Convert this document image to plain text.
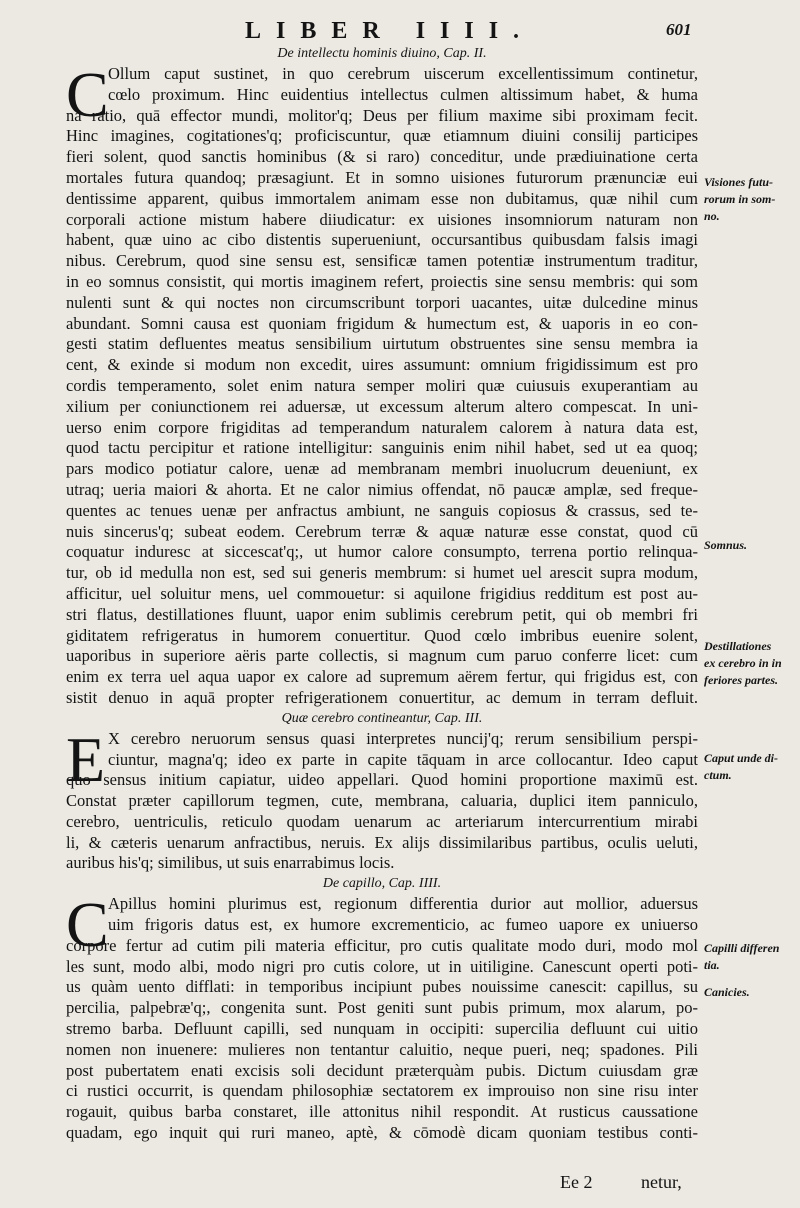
LIBER IIII.	601
De intellectu hominis diuino, Cap. II.
C Ollum caput sustinet, in quo cerebrum uiscerum excellentissimum continetur,
cœlo proximum. Hinc euidentius intellectus culmen altissimum habet, & huma
na ratio, quā effector mundi, molitor'q; Deus per filium maxime sibi proximam fecit.
Hinc imagines, cogitationes'q; proficiscuntur, quæ etiamnum diuini consilij participes
fieri solent, quod sanctis hominibus (& si raro) conceditur, unde prædiuinatione certa
mortales futura quandoq; præsagiunt. Et in somno uisiones futurorum prænunciæ eui
dentissime apparent, quibus immortalem animam esse non dubitamus, quæ nihil cum
corporali actione mistum habere diiudicatur: ex uisiones insomniorum naturam non
habent, quæ uino ac cibo distentis superueniunt, occursantibus quibusdam falsis imagi
nibus. Cerebrum, quod sine sensu est, sensificæ tamen potentiæ instrumentum traditur,
in eo somnus consistit, qui mortis imaginem refert, proiectis sine sensu membris: qui som
nulenti sunt & qui noctes non circumscribunt torpori uacantes, uitæ dulcedine minus
abundant. Somni causa est quoniam frigidum & humectum est, & uaporis in eo con-
gesti statim defluentes meatus sensibilium uirtutum obstruentes sine sensu membra ia
cent, & exinde si modum non excedit, uires assumunt: omnium frigidissimum est pro
cordis temperamento, solet enim natura semper moliri quæ cuiusuis exuperantiam au
xilium per coniunctionem rei aduersæ, ut excessum alterum altero compescat. In uni-
uerso enim corpore frigiditas ad temperandum naturalem calorem à natura data est,
quod tactu percipitur et ratione intelligitur: sanguinis enim nihil habet, sed ut ea quoq;
pars modico potiatur calore, uenæ ad membranam membri inuolucrum deueniunt, ex
utraq; ueria maiori & ahorta. Et ne calor nimius offendat, nō paucæ amplæ, sed freque-
quentes ac tenues uenæ per anfractus ambiunt, ne sanguis copiosus & crassus, sed te-
nuis sincerus'q; subeat eodem. Cerebrum terræ & aquæ naturæ esse constat, quod cū
coquatur induresc at siccescat'q;, ut humor calore consumpto, terrena portio relinqua-
tur, ob id medulla non est, sed sui generis membrum: si humet uel arescit supra modum,
afficitur, uel soluitur mens, uel commouetur: si aquilone frigidius redditum est post au-
stri flatus, destillationes fluunt, uapor enim sublimis cerebrum petit, qui ob membri fri
giditatem refrigeratus in humorem conuertitur. Quod cœlo imbribus euenire solent,
uaporibus in superiore aëris parte collectis, si magnum cum paruo conferre licet: cum
enim ex terra uel aqua uapor ex calore ad supremum aërem fertur, qui frigidus est, con
sistit denuo in aquā propter refrigerationem conuertitur, ac demum in terram defluit.
Quæ cerebro contineantur, Cap. III.
E X cerebro neruorum sensus quasi interpretes nuncij'q; rerum sensibilium perspi-
ciuntur, magna'q; ideo ex parte in capite tāquam in arce collocantur. Ideo caput
quo sensus initium capiatur, uideo appellari. Quod homini proportione maximū est.
Constat præter capillorum tegmen, cute, membrana, caluaria, duplici item panniculo,
cerebro, uentriculis, reticulo quodam uenarum ac arteriarum intercurrentium mirabi
li, & cæteris uenarum anfractibus, neruis. Ex alijs dissimilaribus partibus, oculis ueluti,
auribus his'q; similibus, ut suis enarrabimus locis.
De capillo, Cap. IIII.
C Apillus homini plurimus est, regionum differentia durior aut mollior, aduersus
uim frigoris datus est, ex humore excrementicio, ac fumeo uapore ex uniuerso
corpore fertur ad cutim pili materia efficitur, pro cutis qualitate modo duri, modo mol
les sunt, modo albi, modo nigri pro cutis colore, ut in uitiligine. Canescunt operti poti-
us quàm uento difflati: in temporibus incipiunt pubes nouissime canescit: capillus, su
percilia, palpebræ'q;, congenita sunt. Post geniti sunt pubis primum, mox alarum, po-
stremo barba. Defluunt capilli, sed nunquam in occipiti: supercilia defluunt cui uitio
nomen non inuenere: mulieres non tentantur caluitio, neque pueri, neq; spadones. Pili
post pubertatem enati excisis soli decidunt præterquàm pubis. Dictum cuiusdam græ
ci rustici occurrit, is quendam philosophiæ sectatorem ex improuiso non sine risu inter
rogauit, quibus barba constaret, ille attonitus nihil respondit. At rusticus caussatione
quadam, ego inquit qui ruri maneo, aptè, & cōmodè dicam quoniam testibus conti-
Visiones futu-
rorum in som-
no.
Somnus.
Destillationes
ex cerebro in in
feriores partes.
Caput unde di-
ctum.
Capilli differen
tia.
Canicies.
Ee 2	netur,
